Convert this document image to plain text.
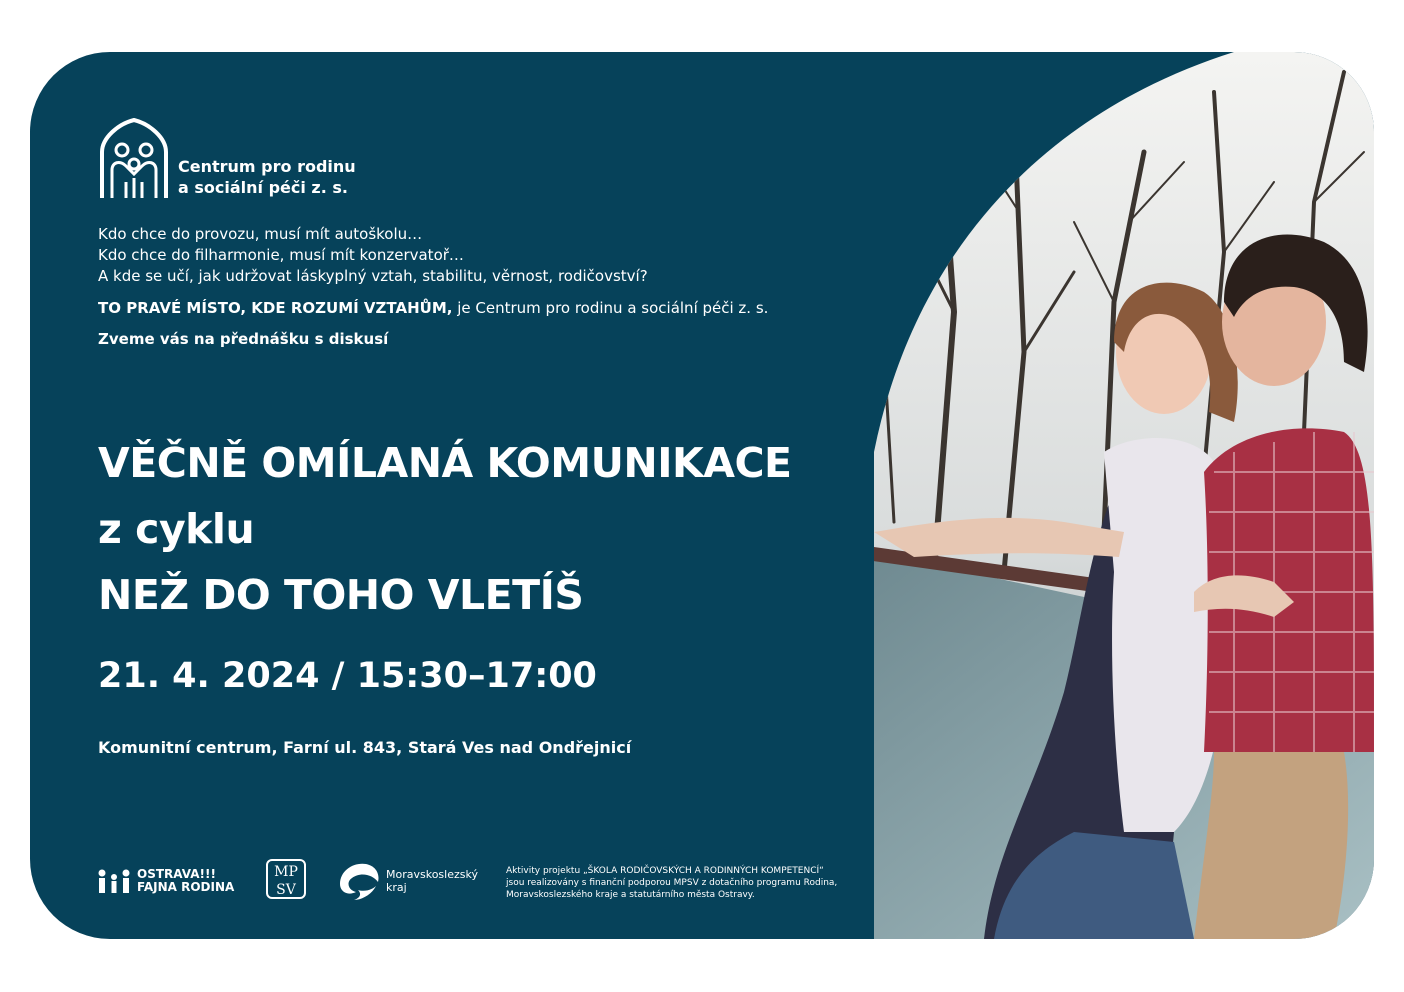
Centrum pro rodinu
a sociální péči z. s.

Kdo chce do provozu, musí mít autoškolu…

Kdo chce do filharmonie, musí mít konzervatoř…

A kde se učí, jak udržovat láskyplný vztah, stabilitu, věrnost, rodičovství?

TO PRAVÉ MÍSTO, KDE ROZUMÍ VZTAHŮM, je Centrum pro rodinu a sociální péči z. s.
Zveme vás na přednášku s diskusí
VĚČNĚ OMÍLANÁ KOMUNIKACE
z cyklu
NEŽ DO TOHO VLETÍŠ
21. 4. 2024 / 15:30–17:00
Komunitní centrum, Farní ul. 843, Stará Ves nad Ondřejnicí
OSTRAVA!!!
FAJNA RODINA
MP
SV
Moravskoslezský
kraj
Aktivity projektu „ŠKOLA RODIČOVSKÝCH A RODINNÝCH KOMPETENCÍ“
jsou realizovány s finanční podporou MPSV z dotačního programu Rodina,
Moravskoslezského kraje a statutárního města Ostravy.
